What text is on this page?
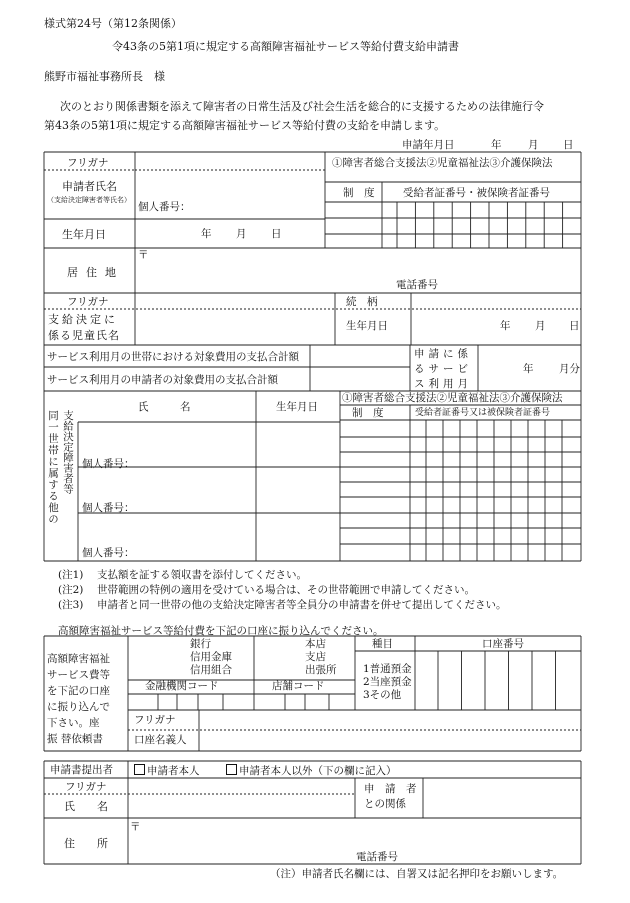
様式第24号（第12条関係）
令43条の5第1項に規定する高額障害福祉サービス等給付費支給申請書
熊野市福祉事務所長　様
次のとおり関係書類を添えて障害者の日常生活及び社会生活を総合的に支援するための法律施行令
第43条の5第1項に規定する高額障害福祉サービス等給付費の支給を申請します。
申請年月日	年	月 日
フリガナ
申請者氏名
（支給決定障害者等氏名）
個人番号：
①障害者総合支援法②児童福祉法③介護保険法
制　度	受給者証番号・被保険者証番号
生年月日	年 月 日
居住地
〒
電話番号
フリガナ	続　柄
支給決定に
係る児童氏名
生年月日	年 月 日
サービス利用月の世帯における対象費用の支払合計額
サービス利用月の申請者の対象費用の支払合計額
申請に係
るサービ
ス利用月
年 月分
同一世帯に属する他の 支給決定障害者等
氏　　　名	生年月日
①障害者総合支援法②児童福祉法③介護保険法
制　度	受給者証番号又は被保険者証番号
個人番号：
個人番号：
個人番号：
(注1) 支払額を証する領収書を添付してください。
(注2) 世帯範囲の特例の適用を受けている場合は、その世帯範囲で申請してください。
(注3) 申請者と同一世帯の他の支給決定障害者等全員分の申請書を併せて提出してください。
高額障害福祉サービス等給付費を下記の口座に振り込んでください。
高額障害福祉
サービス費等
を下記の口座
に振り込んで
下さい。座
振 替依頼書
銀行
信用金庫
信用組合
本店
支店
出張所
種目	口座番号
1普通預金
2当座預金
3その他
金融機関コード	店舗コード
フリガナ
口座名義人
申請書提出者	申請者本人	申請者本人以外（下の欄に記入）
フリガナ
氏　　名
申　請　者
との関係
住　　所
〒
電話番号
（注）申請者氏名欄には、自署又は記名押印をお願いします。
